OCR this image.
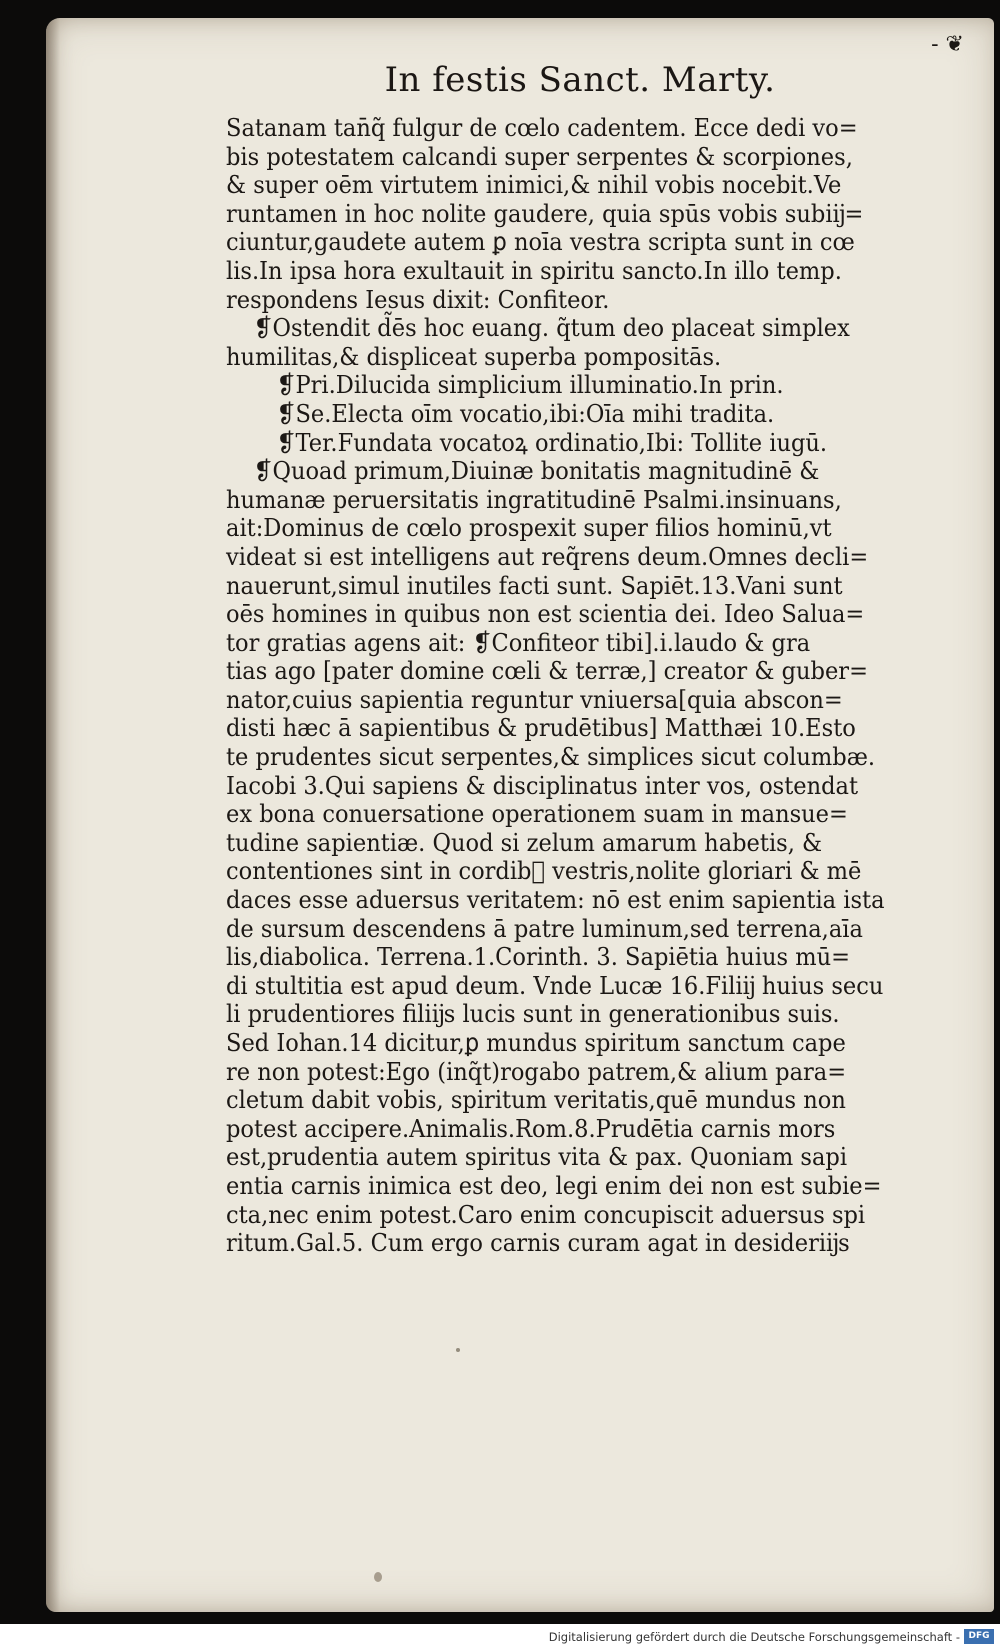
- ❦
In festis Sanct. Marty.
Satanam tan̄q̃ fulgur de cœlo cadentem. Ecce dedi vo=
bis potestatem calcandi super serpentes & scorpiones,
& super oēm virtutem inimici,& nihil vobis nocebit.Ve
runtamen in hoc nolite gaudere, quia spūs vobis subiĳ=
ciuntur,gaudete autem ꝑ noīa vestra scripta sunt in cœ
lis.In ipsa hora exultauit in spiritu sancto.In illo temp.
respondens Iesus dixit: Confiteor.
❡Ostendit d̃ēs hoc euang. q̃tum deo placeat simplex
humilitas,& displiceat superba pompositās.
❡Pri.Dilucida simplicium illuminatio.In prin.
❡Se.Electa oīm vocatio,ibi:Oīa mihi tradita.
❡Ter.Fundata vocatoꝝ ordinatio,Ibi: Tollite iugū.
❡Quoad primum,Diuinæ bonitatis magnitudinē &
humanæ peruersitatis ingratitudinē Psalmi.insinuans,
ait:Dominus de cœlo prospexit super filios hominū,vt
videat si est intelligens aut req̃rens deum.Omnes decli=
nauerunt,simul inutiles facti sunt. Sapiēt.13.Vani sunt
oēs homines in quibus non est scientia dei. Ideo Salua=
tor gratias agens ait: ❡Confiteor tibi].i.laudo & gra
tias ago [pater domine cœli & terræ,] creator & guber=
nator,cuius sapientia reguntur vniuersa[quia abscon=
disti hæc ā sapientibus & prudētibus] Matthæi 10.Esto
te prudentes sicut serpentes,& simplices sicut columbæ.
Iacobi 3.Qui sapiens & disciplinatus inter vos, ostendat
ex bona conuersatione operationem suam in mansue=
tudine sapientiæ. Quod si zelum amarum habetis, &
contentiones sint in cordib᷒ vestris,nolite gloriari & mē
daces esse aduersus veritatem: nō est enim sapientia ista
de sursum descendens ā patre luminum,sed terrena,aīa
lis,diabolica. Terrena.1.Corinth. 3. Sapiētia huius mū=
di stultitia est apud deum. Vnde Lucæ 16.Filiĳ huius secu
li prudentiores filiĳs lucis sunt in generationibus suis.
Sed Iohan.14 dicitur,ꝑ mundus spiritum sanctum cape
re non potest:Ego (inq̃t)rogabo patrem,& alium para=
cletum dabit vobis, spiritum veritatis,quē mundus non
potest accipere.Animalis.Rom.8.Prudētia carnis mors
est,prudentia autem spiritus vita & pax. Quoniam sapi
entia carnis inimica est deo, legi enim dei non est subie=
cta,nec enim potest.Caro enim concupiscit aduersus spi
ritum.Gal.5. Cum ergo carnis curam agat in desideriĳs
Digitalisierung gefördert durch die Deutsche Forschungsgemeinschaft - DFG
